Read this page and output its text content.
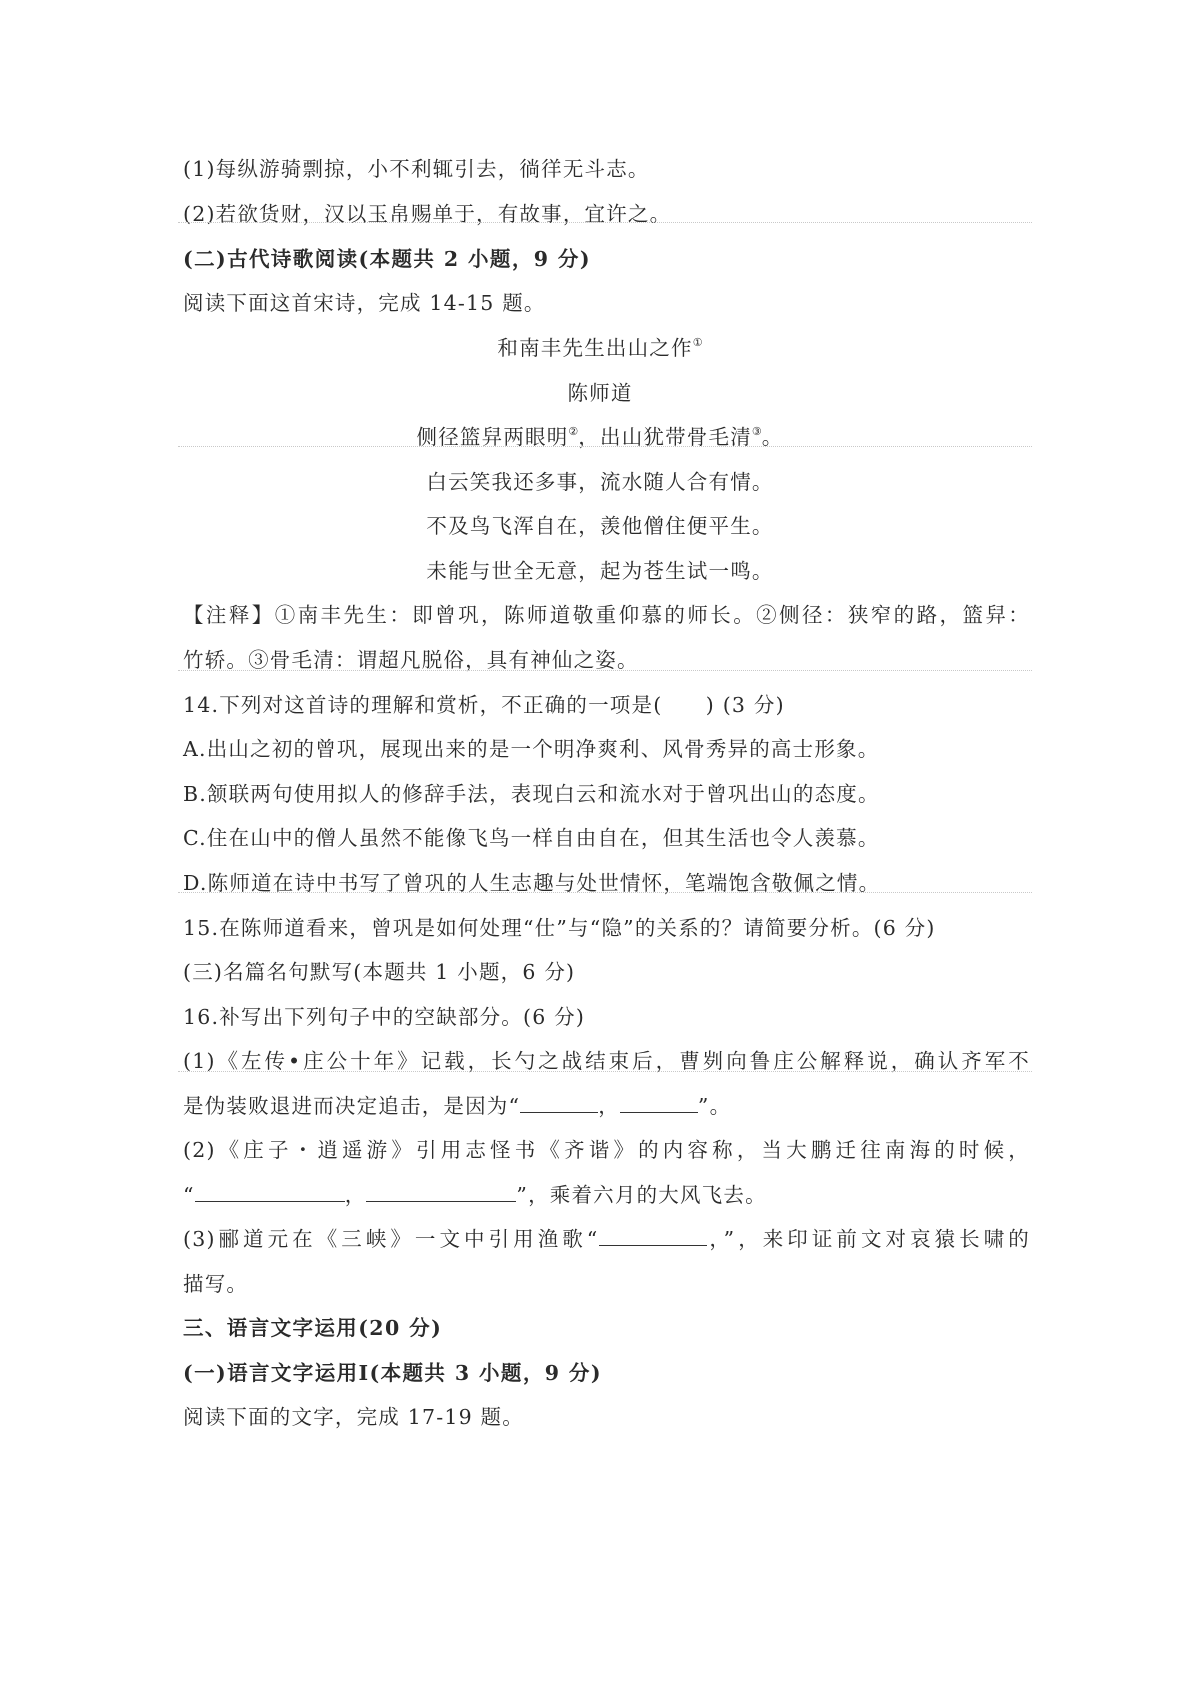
(1)每纵游骑剽掠，小不利辄引去，徜徉无斗志。
(2)若欲货财，汉以玉帛赐单于，有故事，宜许之。
(二)古代诗歌阅读(本题共 2 小题，9 分)
阅读下面这首宋诗，完成 14-15 题。
和南丰先生出山之作①
陈师道
侧径篮舁两眼明②，出山犹带骨毛清③。
白云笑我还多事，流水随人合有情。
不及鸟飞浑自在，羡他僧住便平生。
未能与世全无意，起为苍生试一鸣。
【注释】①南丰先生：即曾巩，陈师道敬重仰慕的师长。②侧径：狭窄的路，篮舁：
竹轿。③骨毛清：谓超凡脱俗，具有神仙之姿。
14.下列对这首诗的理解和赏析，不正确的一项是(　　) (3 分)
A.出山之初的曾巩，展现出来的是一个明净爽利、风骨秀异的高士形象。
B.颔联两句使用拟人的修辞手法，表现白云和流水对于曾巩出山的态度。
C.住在山中的僧人虽然不能像飞鸟一样自由自在，但其生活也令人羡慕。
D.陈师道在诗中书写了曾巩的人生志趣与处世情怀，笔端饱含敬佩之情。
15.在陈师道看来，曾巩是如何处理“仕”与“隐”的关系的？请简要分析。(6 分)
(三)名篇名句默写(本题共 1 小题，6 分)
16.补写出下列句子中的空缺部分。(6 分)
(1)《左传•庄公十年》记载，长勺之战结束后，曹刿向鲁庄公解释说，确认齐军不
是伪装败退进而决定追击，是因为“	，	”。
(2)《庄子・逍遥游》引用志怪书《齐谐》的内容称，当大鹏迁往南海的时候，
“	，	”，乘着六月的大风飞去。
(3)郦道元在《三峡》一文中引用渔歌“	，”，来印证前文对哀猿长啸的
描写。
三、语言文字运用(20 分)
(一)语言文字运用Ⅰ(本题共 3 小题，9 分)
阅读下面的文字，完成 17-19 题。
